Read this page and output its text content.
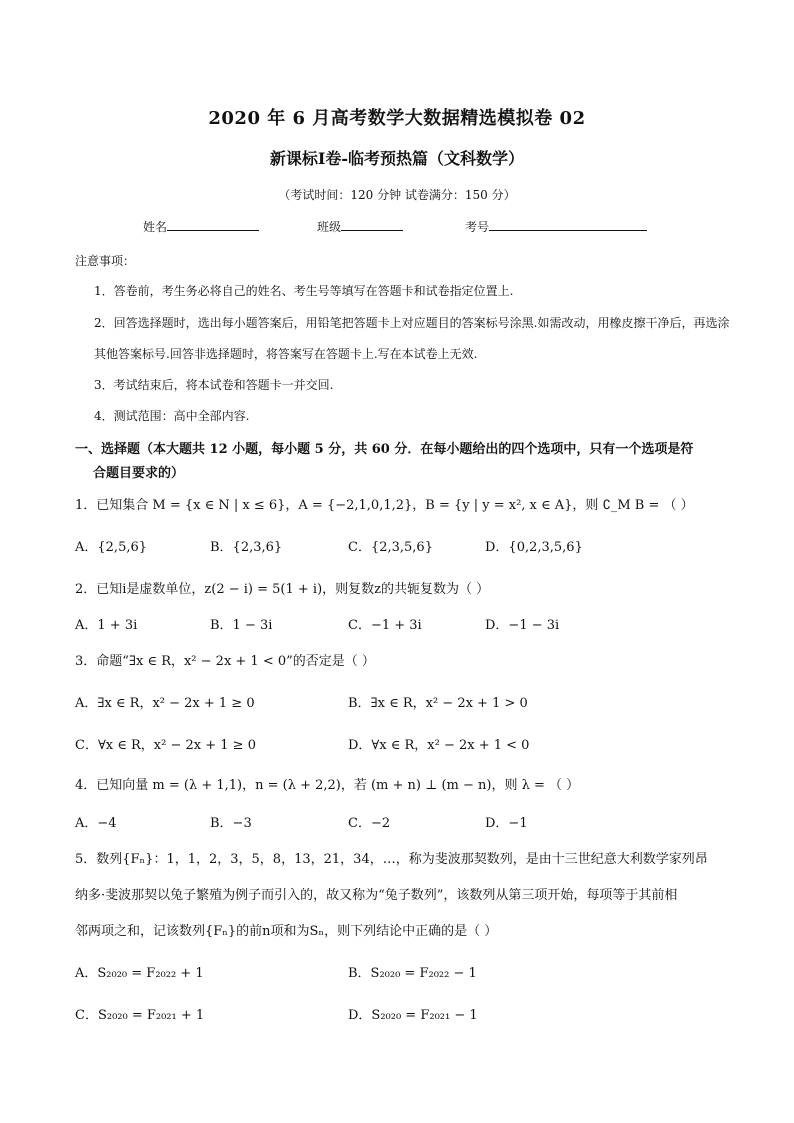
2020 年 6 月高考数学大数据精选模拟卷 02
新课标Ⅰ卷-临考预热篇（文科数学）
（考试时间：120 分钟 试卷满分：150 分）
姓名	班级	考号
注意事项：
1．答卷前，考生务必将自己的姓名、考生号等填写在答题卡和试卷指定位置上.
2．回答选择题时，选出每小题答案后，用铅笔把答题卡上对应题目的答案标号涂黑.如需改动，用橡皮擦干净后，再选涂
其他答案标号.回答非选择题时，将答案写在答题卡上.写在本试卷上无效.
3．考试结束后，将本试卷和答题卡一并交回.
4．测试范围：高中全部内容.
一、选择题（本大题共 12 小题，每小题 5 分，共 60 分．在每小题给出的四个选项中，只有一个选项是符
合题目要求的）
1．已知集合 M = {x ∈ N | x ≤ 6}，A = {−2,1,0,1,2}，B = {y | y = x², x ∈ A}，则 ∁_M B = （ ）
A．{2,5,6}	B．{2,3,6}	C．{2,3,5,6}	D．{0,2,3,5,6}
2．已知i是虚数单位，z(2 − i) = 5(1 + i)，则复数z的共轭复数为（ ）
A．1 + 3i	B．1 − 3i	C．−1 + 3i	D．−1 − 3i
3．命题“∃x ∈ R，x² − 2x + 1 < 0”的否定是（ ）
A．∃x ∈ R，x² − 2x + 1 ≥ 0	B．∃x ∈ R，x² − 2x + 1 > 0
C．∀x ∈ R，x² − 2x + 1 ≥ 0	D．∀x ∈ R，x² − 2x + 1 < 0
4．已知向量 m = (λ + 1,1)，n = (λ + 2,2)，若 (m + n) ⊥ (m − n)，则 λ = （ ）
A．−4	B．−3	C．−2	D．−1
5．数列{Fₙ}：1，1，2，3，5，8，13，21，34，…，称为斐波那契数列，是由十三世纪意大利数学家列昂
纳多·斐波那契以兔子繁殖为例子而引入的，故又称为“兔子数列”，该数列从第三项开始，每项等于其前相
邻两项之和，记该数列{Fₙ}的前n项和为Sₙ，则下列结论中正确的是（ ）
A．S₂₀₂₀ = F₂₀₂₂ + 1	B．S₂₀₂₀ = F₂₀₂₂ − 1
C．S₂₀₂₀ = F₂₀₂₁ + 1	D．S₂₀₂₀ = F₂₀₂₁ − 1
